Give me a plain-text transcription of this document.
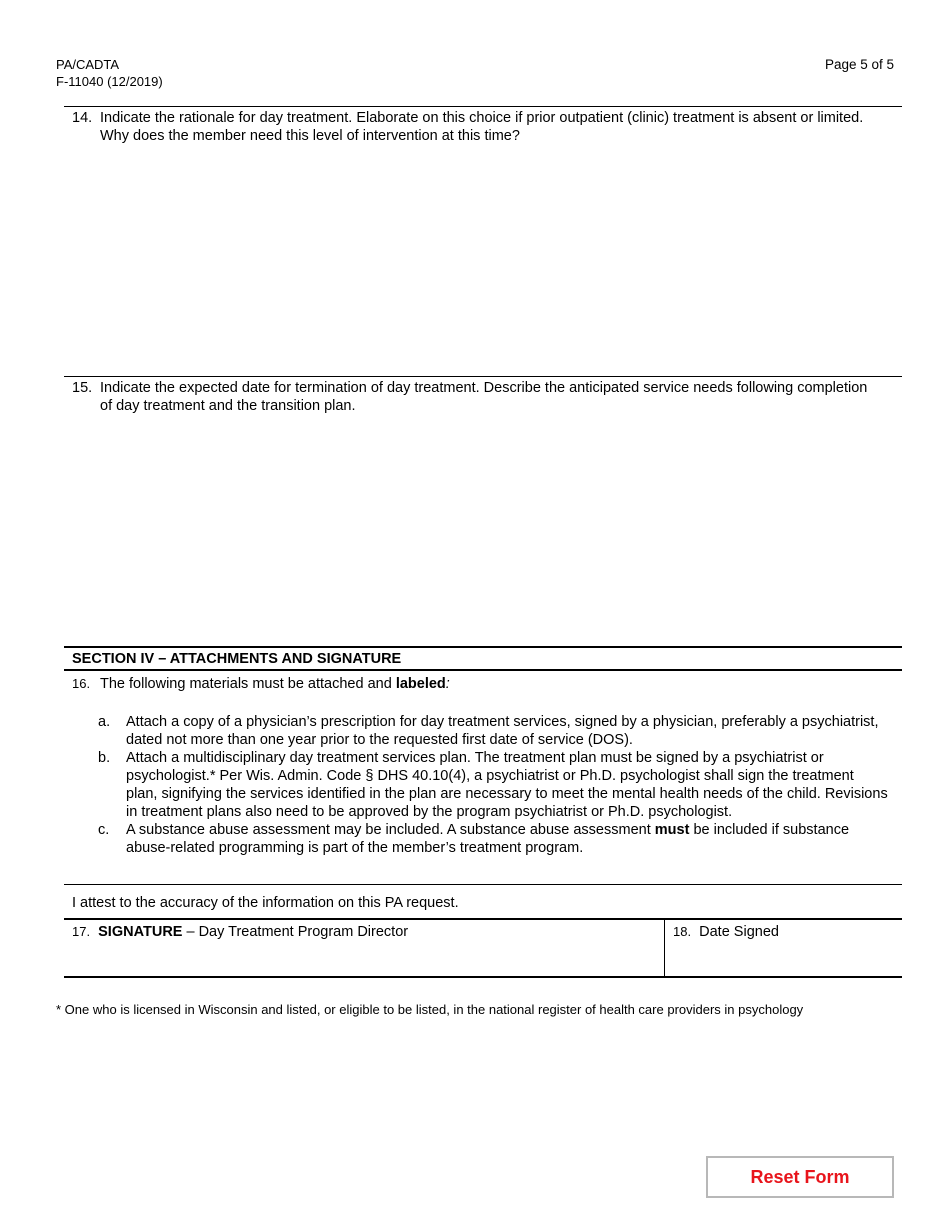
PA/CADTA
F-11040 (12/2019)
Page 5 of 5
14. Indicate the rationale for day treatment. Elaborate on this choice if prior outpatient (clinic) treatment is absent or limited. Why does the member need this level of intervention at this time?
15. Indicate the expected date for termination of day treatment. Describe the anticipated service needs following completion of day treatment and the transition plan.
SECTION IV – ATTACHMENTS AND SIGNATURE
16. The following materials must be attached and labeled:
a. Attach a copy of a physician’s prescription for day treatment services, signed by a physician, preferably a psychiatrist, dated not more than one year prior to the requested first date of service (DOS).
b. Attach a multidisciplinary day treatment services plan. The treatment plan must be signed by a psychiatrist or psychologist.* Per Wis. Admin. Code § DHS 40.10(4), a psychiatrist or Ph.D. psychologist shall sign the treatment plan, signifying the services identified in the plan are necessary to meet the mental health needs of the child. Revisions in treatment plans also need to be approved by the program psychiatrist or Ph.D. psychologist.
c. A substance abuse assessment may be included. A substance abuse assessment must be included if substance abuse-related programming is part of the member’s treatment program.
I attest to the accuracy of the information on this PA request.
17. SIGNATURE – Day Treatment Program Director	18. Date Signed
* One who is licensed in Wisconsin and listed, or eligible to be listed, in the national register of health care providers in psychology
Reset Form
